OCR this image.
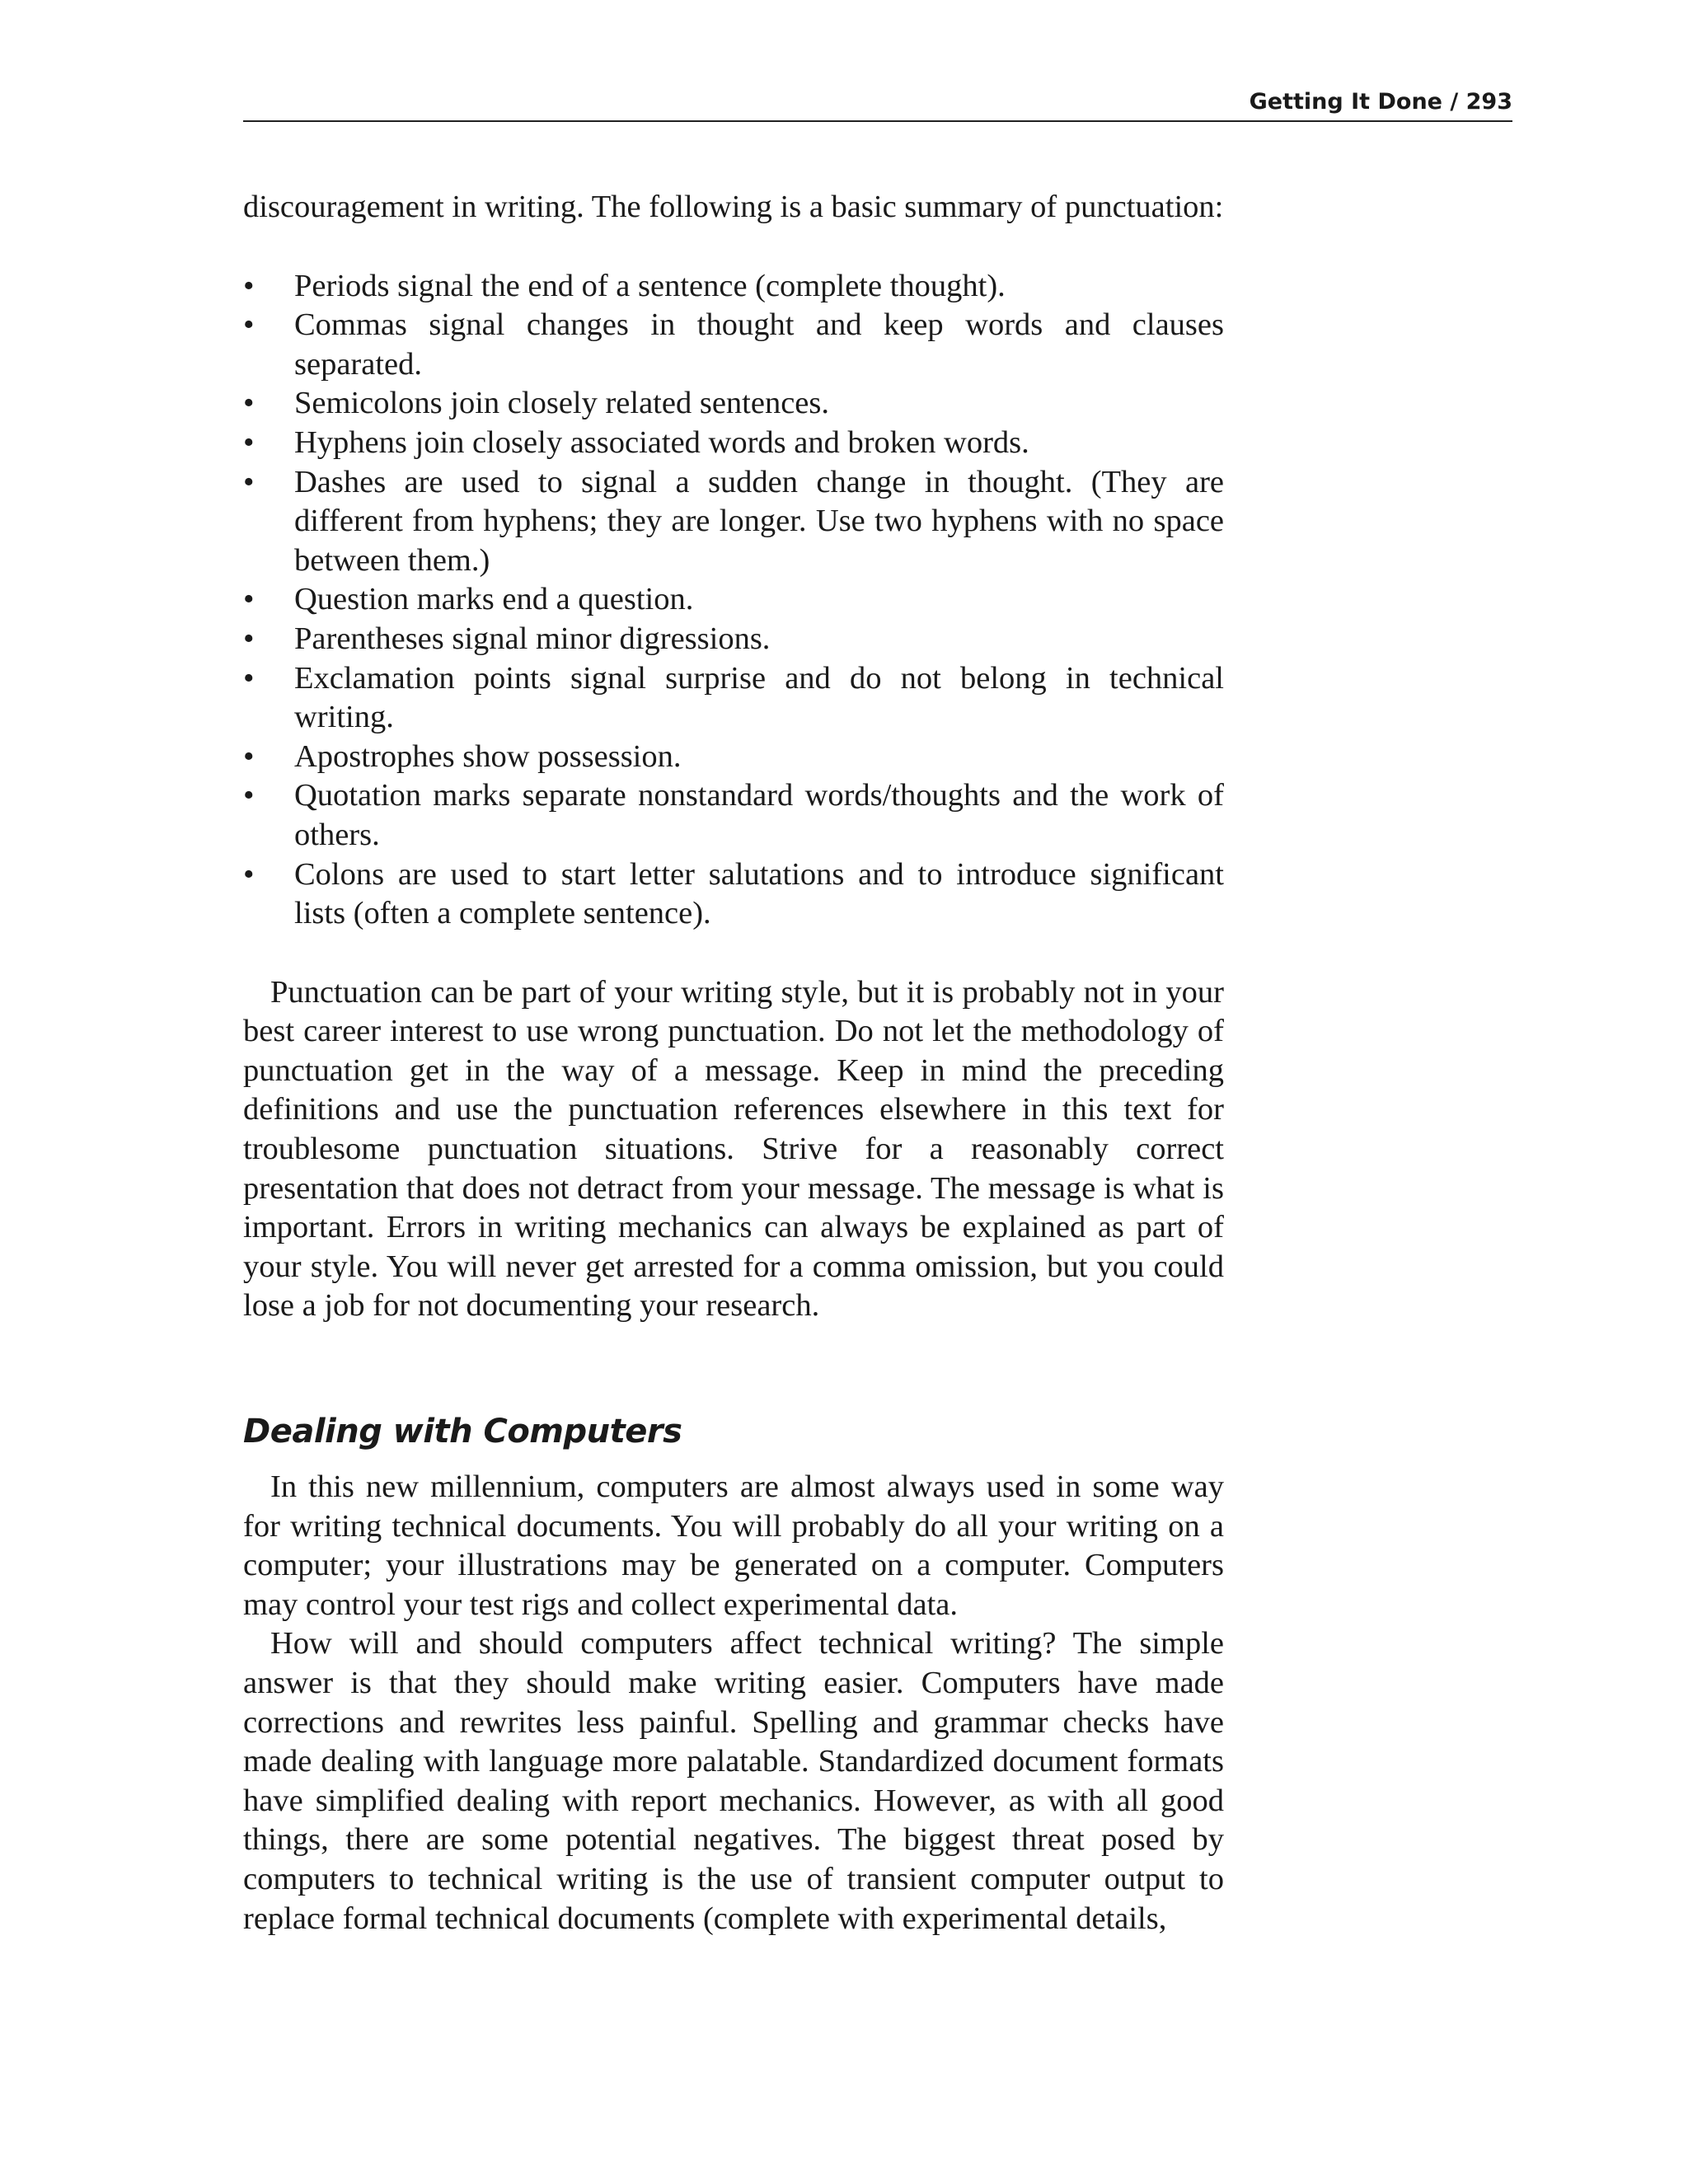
Getting It Done / 293

discouragement in writing. The following is a basic summary of punctuation:

• Periods signal the end of a sentence (complete thought).
• Commas signal changes in thought and keep words and clauses separated.
• Semicolons join closely related sentences.
• Hyphens join closely associated words and broken words.
• Dashes are used to signal a sudden change in thought. (They are different from hyphens; they are longer. Use two hyphens with no space between them.)
• Question marks end a question.
• Parentheses signal minor digressions.
• Exclamation points signal surprise and do not belong in technical writing.
• Apostrophes show possession.
• Quotation marks separate nonstandard words/thoughts and the work of others.
• Colons are used to start letter salutations and to introduce significant lists (often a complete sentence).

Punctuation can be part of your writing style, but it is probably not in your best career interest to use wrong punctuation. Do not let the methodology of punctuation get in the way of a message. Keep in mind the preceding definitions and use the punctuation references elsewhere in this text for troublesome punctuation situations. Strive for a reasonably correct presentation that does not detract from your message. The message is what is important. Errors in writing mechanics can always be explained as part of your style. You will never get arrested for a comma omission, but you could lose a job for not documenting your research.

Dealing with Computers

In this new millennium, computers are almost always used in some way for writing technical documents. You will probably do all your writing on a computer; your illustrations may be generated on a computer. Computers may control your test rigs and collect experimental data.

How will and should computers affect technical writing? The simple answer is that they should make writing easier. Computers have made corrections and rewrites less painful. Spelling and grammar checks have made dealing with language more palatable. Standardized document formats have simplified dealing with report mechanics. However, as with all good things, there are some potential negatives. The biggest threat posed by computers to technical writing is the use of transient computer output to replace formal technical documents (complete with experimental details,
